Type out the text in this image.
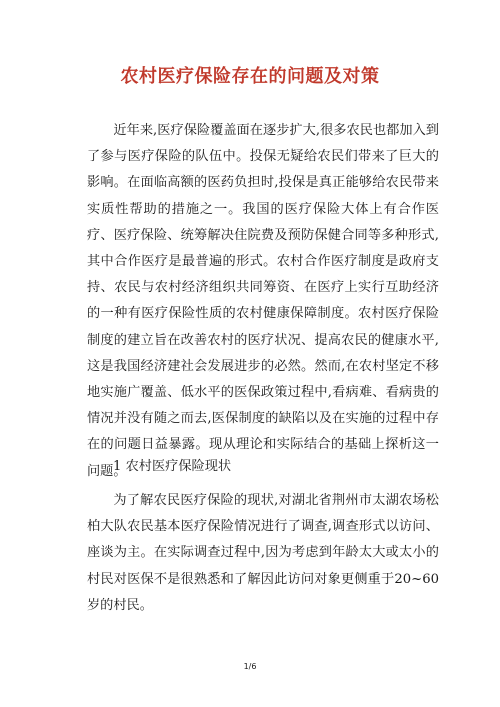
农村医疗保险存在的问题及对策
近年来,医疗保险覆盖面在逐步扩大,很多农民也都加入到了参与医疗保险的队伍中。投保无疑给农民们带来了巨大的影响。在面临高额的医药负担时,投保是真正能够给农民带来实质性帮助的措施之一。我国的医疗保险大体上有合作医疗、医疗保险、统筹解决住院费及预防保健合同等多种形式,其中合作医疗是最普遍的形式。农村合作医疗制度是政府支持、农民与农村经济组织共同筹资、在医疗上实行互助经济的一种有医疗保险性质的农村健康保障制度。农村医疗保险制度的建立旨在改善农村的医疗状况、提高农民的健康水平,这是我国经济建社会发展进步的必然。然而,在农村坚定不移地实施广覆盖、低水平的医保政策过程中,看病难、看病贵的情况并没有随之而去,医保制度的缺陷以及在实施的过程中存在的问题日益暴露。现从理论和实际结合的基础上探析这一问题。
1 农村医疗保险现状
为了解农民医疗保险的现状,对湖北省荆州市太湖农场松柏大队农民基本医疗保险情况进行了调查,调查形式以访问、座谈为主。在实际调查过程中,因为考虑到年龄太大或太小的村民对医保不是很熟悉和了解因此访问对象更侧重于20~60岁的村民。
1/6
